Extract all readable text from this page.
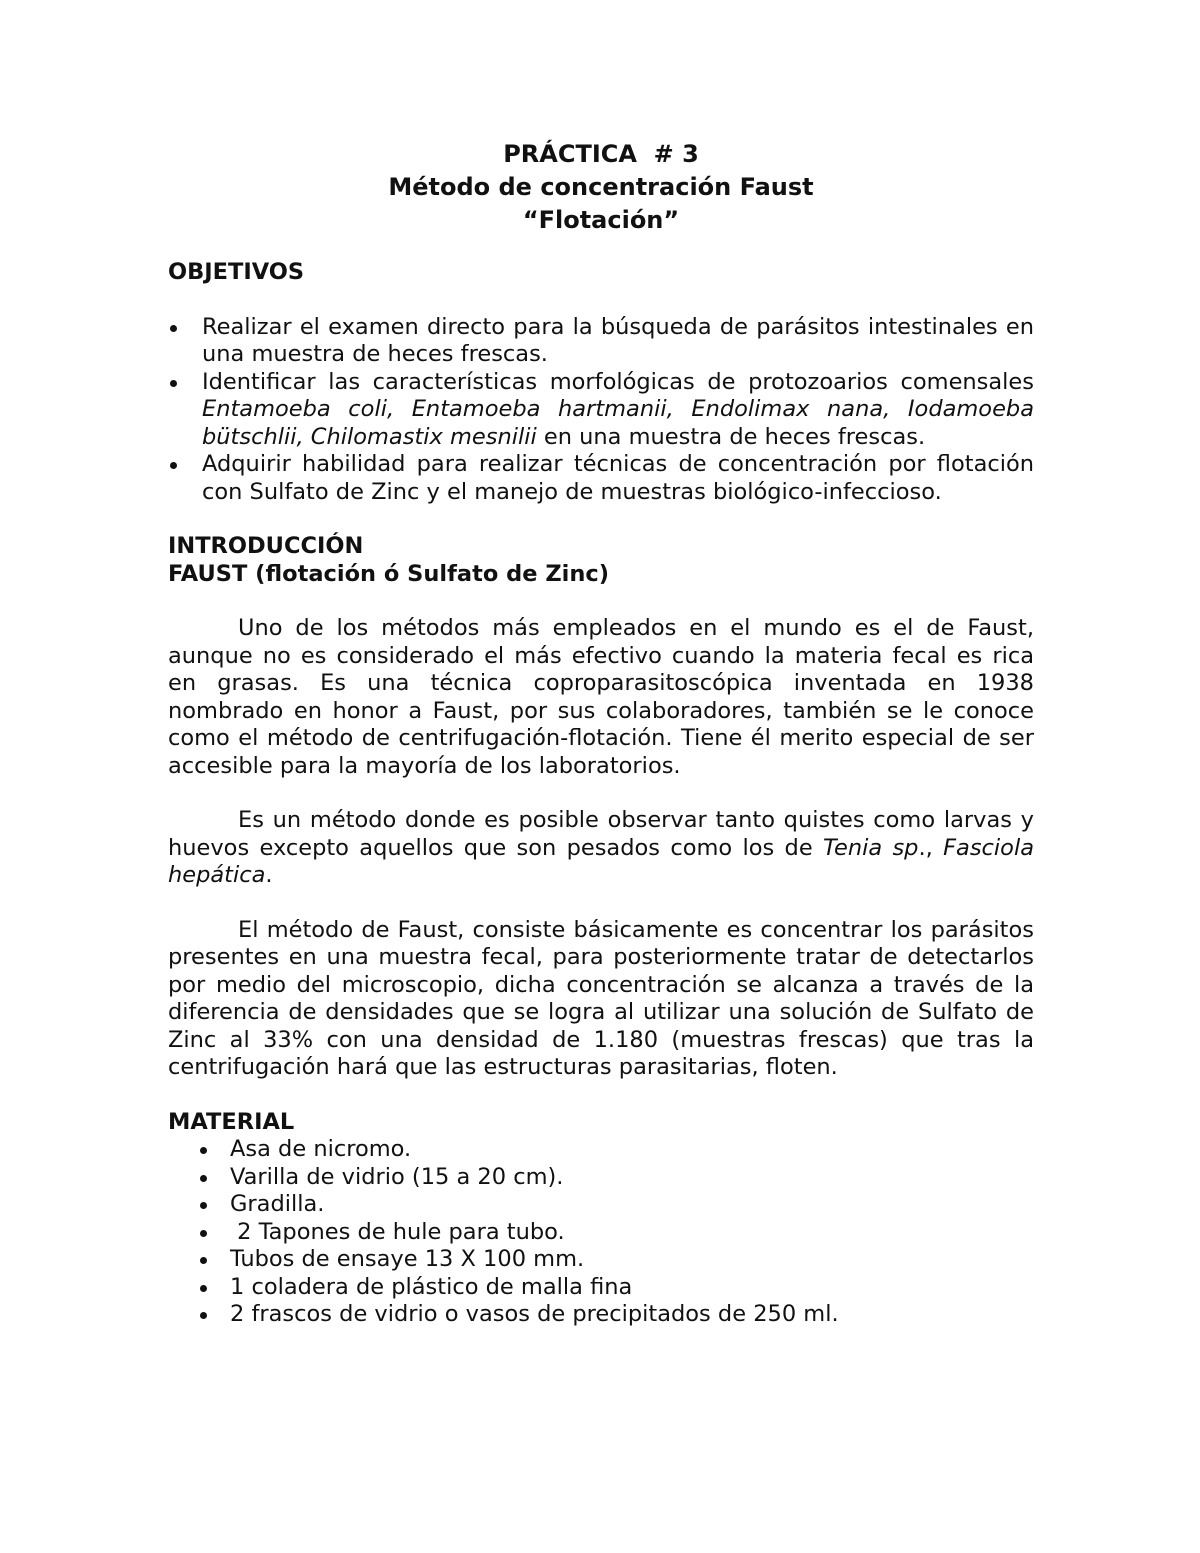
PRÁCTICA  # 3
Método de concentración Faust
“Flotación”
OBJETIVOS
Realizar el examen directo para la búsqueda de parásitos intestinales en una muestra de heces frescas.
Identificar las características morfológicas de protozoarios comensales Entamoeba coli, Entamoeba hartmanii, Endolimax nana, Iodamoeba bütschlii, Chilomastix mesnilii en una muestra de heces frescas.
Adquirir habilidad para realizar técnicas de concentración por flotación con Sulfato de Zinc y el manejo de muestras biológico-infeccioso.
INTRODUCCIÓN
FAUST (flotación ó Sulfato de Zinc)

Uno de los métodos más empleados en el mundo es el de Faust, aunque no es considerado el más efectivo cuando la materia fecal es rica en grasas. Es una técnica coproparasitoscópica inventada en 1938 nombrado en honor a Faust, por sus colaboradores, también se le conoce como el método de centrifugación-flotación. Tiene él merito especial de ser accesible para la mayoría de los laboratorios.

Es un método donde es posible observar tanto quistes como larvas y huevos excepto aquellos que son pesados como los de Tenia sp., Fasciola hepática.

El método de Faust, consiste básicamente es concentrar los parásitos presentes en una muestra fecal, para posteriormente tratar de detectarlos por medio del microscopio, dicha concentración se alcanza a través de la diferencia de densidades que se logra al utilizar una solución de Sulfato de Zinc al 33% con una densidad de 1.180 (muestras frescas) que tras la centrifugación hará que las estructuras parasitarias, floten.

MATERIAL
Asa de nicromo.
Varilla de vidrio (15 a 20 cm).
Gradilla.
2 Tapones de hule para tubo.
Tubos de ensaye 13 X 100 mm.
1 coladera de plástico de malla fina
2 frascos de vidrio o vasos de precipitados de 250 ml.
